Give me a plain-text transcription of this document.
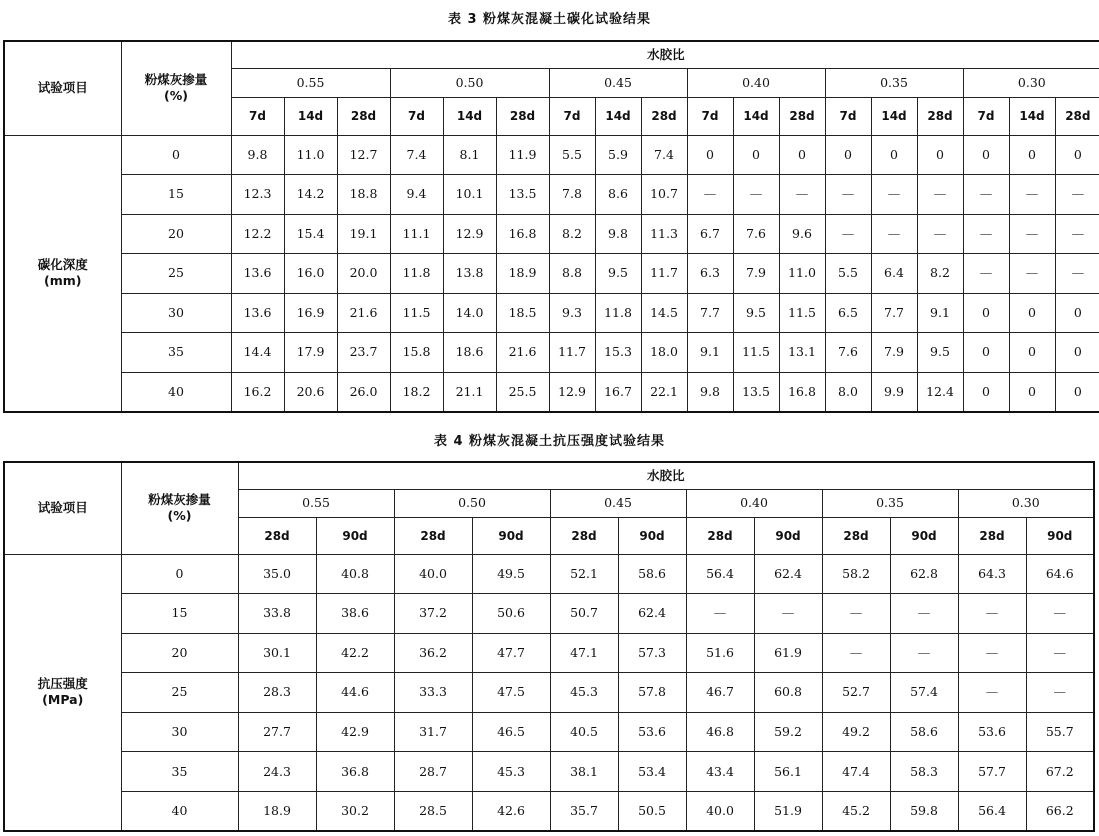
表 3 粉煤灰混凝土碳化试验结果
试验项目	粉煤灰掺量
(%)	水胶比																	
		0.55			0.50			0.45			0.40			0.35			0.30		
		7d	14d	28d	7d	14d	28d	7d	14d	28d	7d	14d	28d	7d	14d	28d	7d	14d	28d
碳化深度
(mm)	0	9.8	11.0	12.7	7.4	8.1	11.9	5.5	5.9	7.4	0	0	0	0	0	0	0	0	0
	15	12.3	14.2	18.8	9.4	10.1	13.5	7.8	8.6	10.7	—	—	—	—	—	—	—	—	—
	20	12.2	15.4	19.1	11.1	12.9	16.8	8.2	9.8	11.3	6.7	7.6	9.6	—	—	—	—	—	—
	25	13.6	16.0	20.0	11.8	13.8	18.9	8.8	9.5	11.7	6.3	7.9	11.0	5.5	6.4	8.2	—	—	—
	30	13.6	16.9	21.6	11.5	14.0	18.5	9.3	11.8	14.5	7.7	9.5	11.5	6.5	7.7	9.1	0	0	0
	35	14.4	17.9	23.7	15.8	18.6	21.6	11.7	15.3	18.0	9.1	11.5	13.1	7.6	7.9	9.5	0	0	0
	40	16.2	20.6	26.0	18.2	21.1	25.5	12.9	16.7	22.1	9.8	13.5	16.8	8.0	9.9	12.4	0	0	0
表 4 粉煤灰混凝土抗压强度试验结果
试验项目	粉煤灰掺量
(%)	水胶比											
		0.55		0.50		0.45		0.40		0.35		0.30	
		28d	90d	28d	90d	28d	90d	28d	90d	28d	90d	28d	90d
抗压强度
(MPa)	0	35.0	40.8	40.0	49.5	52.1	58.6	56.4	62.4	58.2	62.8	64.3	64.6
	15	33.8	38.6	37.2	50.6	50.7	62.4	—	—	—	—	—	—
	20	30.1	42.2	36.2	47.7	47.1	57.3	51.6	61.9	—	—	—	—
	25	28.3	44.6	33.3	47.5	45.3	57.8	46.7	60.8	52.7	57.4	—	—
	30	27.7	42.9	31.7	46.5	40.5	53.6	46.8	59.2	49.2	58.6	53.6	55.7
	35	24.3	36.8	28.7	45.3	38.1	53.4	43.4	56.1	47.4	58.3	57.7	67.2
	40	18.9	30.2	28.5	42.6	35.7	50.5	40.0	51.9	45.2	59.8	56.4	66.2
